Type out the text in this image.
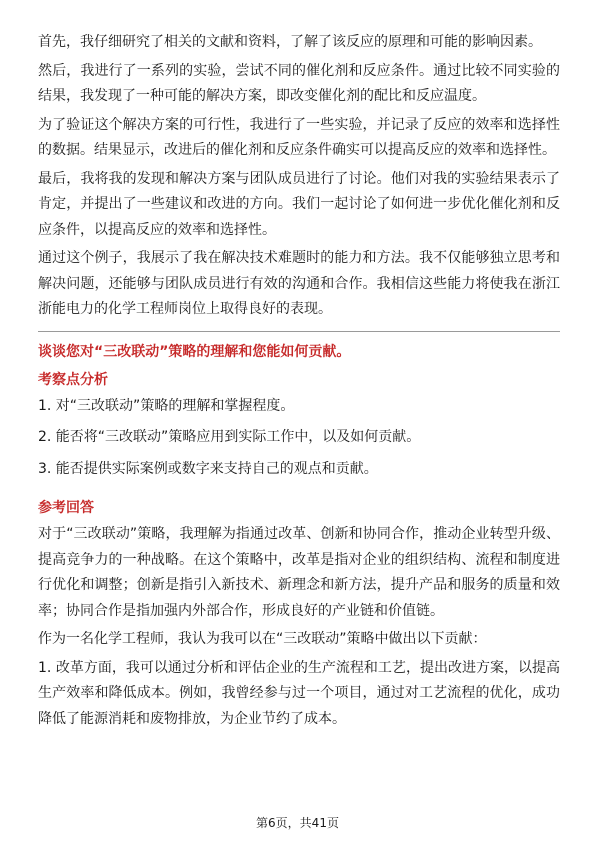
首先，我仔细研究了相关的文献和资料，了解了该反应的原理和可能的影响因素。

然后，我进行了一系列的实验，尝试不同的催化剂和反应条件。通过比较不同实验的结果，我发现了一种可能的解决方案，即改变催化剂的配比和反应温度。

为了验证这个解决方案的可行性，我进行了一些实验，并记录了反应的效率和选择性的数据。结果显示，改进后的催化剂和反应条件确实可以提高反应的效率和选择性。

最后，我将我的发现和解决方案与团队成员进行了讨论。他们对我的实验结果表示了肯定，并提出了一些建议和改进的方向。我们一起讨论了如何进一步优化催化剂和反应条件，以提高反应的效率和选择性。

通过这个例子，我展示了我在解决技术难题时的能力和方法。我不仅能够独立思考和解决问题，还能够与团队成员进行有效的沟通和合作。我相信这些能力将使我在浙江浙能电力的化学工程师岗位上取得良好的表现。

谈谈您对“三改联动”策略的理解和您能如何贡献。
考察点分析

1. 对“三改联动”策略的理解和掌握程度。

2. 能否将“三改联动”策略应用到实际工作中，以及如何贡献。

3. 能否提供实际案例或数字来支持自己的观点和贡献。

参考回答

对于“三改联动”策略，我理解为指通过改革、创新和协同合作，推动企业转型升级、提高竞争力的一种战略。在这个策略中，改革是指对企业的组织结构、流程和制度进行优化和调整；创新是指引入新技术、新理念和新方法，提升产品和服务的质量和效率；协同合作是指加强内外部合作，形成良好的产业链和价值链。

作为一名化学工程师，我认为我可以在“三改联动”策略中做出以下贡献：

1. 改革方面，我可以通过分析和评估企业的生产流程和工艺，提出改进方案，以提高生产效率和降低成本。例如，我曾经参与过一个项目，通过对工艺流程的优化，成功降低了能源消耗和废物排放，为企业节约了成本。

第6页，共41页
